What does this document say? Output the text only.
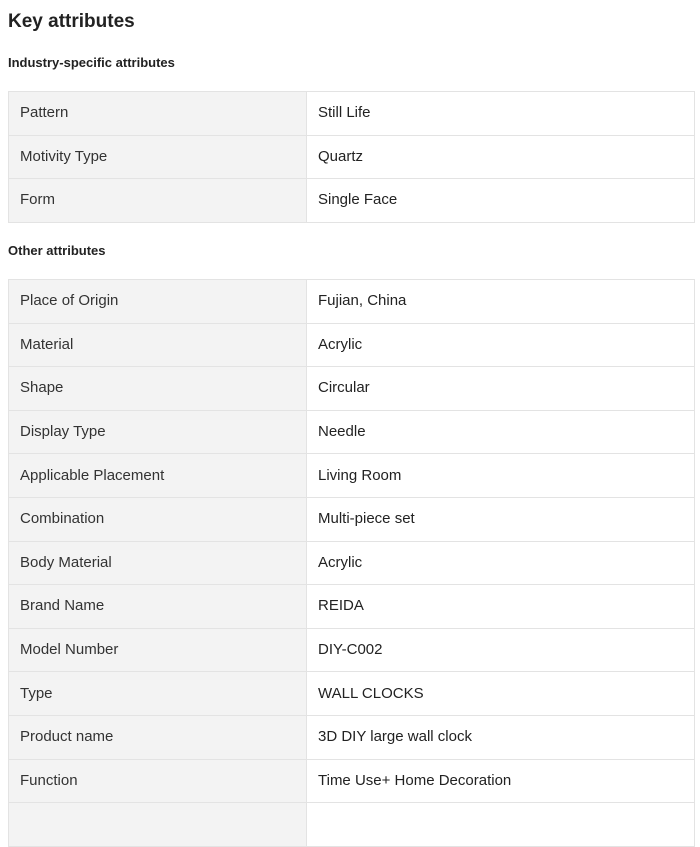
Key attributes
Industry-specific attributes
Pattern	Still Life
Motivity Type	Quartz
Form	Single Face
Other attributes
Place of Origin	Fujian, China
Material	Acrylic
Shape	Circular
Display Type	Needle
Applicable Placement	Living Room
Combination	Multi-piece set
Body Material	Acrylic
Brand Name	REIDA
Model Number	DIY-C002
Type	WALL CLOCKS
Product name	3D DIY large wall clock
Function	Time Use+ Home Decoration
